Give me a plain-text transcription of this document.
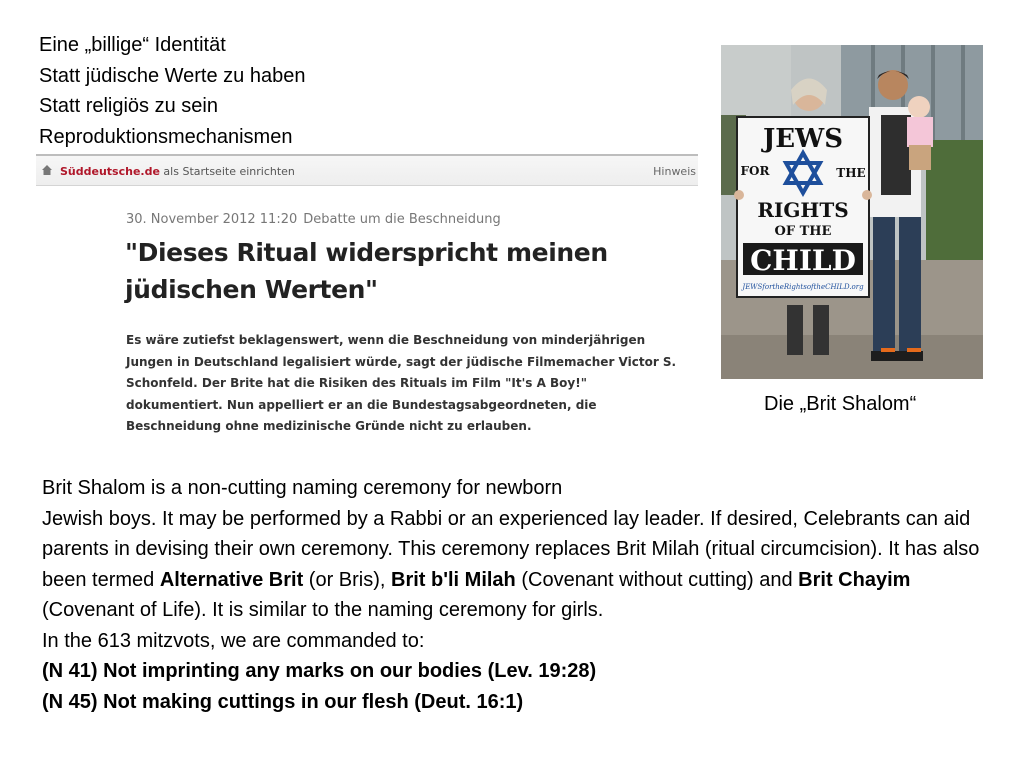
Eine „billige“ Identität
Statt jüdische Werte zu haben
Statt religiös zu sein
Reproduktionsmechanismen
Süddeutsche.de als Startseite einrichten	Hinweis
30. November 2012 11:20 Debatte um die Beschneidung
"Dieses Ritual widerspricht meinen jüdischen Werten"
Es wäre zutiefst beklagenswert, wenn die Beschneidung von minderjährigen Jungen in Deutschland legalisiert würde, sagt der jüdische Filmemacher Victor S. Schonfeld. Der Brite hat die Risiken des Rituals im Film "It's A Boy!" dokumentiert. Nun appelliert er an die Bundestagsabgeordneten, die Beschneidung ohne medizinische Gründe nicht zu erlauben.
JEWS
FOR	THE
RIGHTS
OF THE
CHILD
JEWSfortheRightsoftheCHILD.org
Die „Brit Shalom“

Brit Shalom is a non-cutting naming ceremony for newborn
Jewish boys. It may be performed by a Rabbi or an experienced lay leader. If desired, Celebrants can aid parents in devising their own ceremony. This ceremony replaces Brit Milah (ritual circumcision). It has also been termed Alternative Brit (or Bris), Brit b'li Milah (Covenant without cutting) and Brit Chayim (Covenant of Life). It is similar to the naming ceremony for girls.

In the 613 mitzvots, we are commanded to:

(N 41) Not imprinting any marks on our bodies (Lev. 19:28)

(N 45) Not making cuttings in our flesh (Deut. 16:1)
